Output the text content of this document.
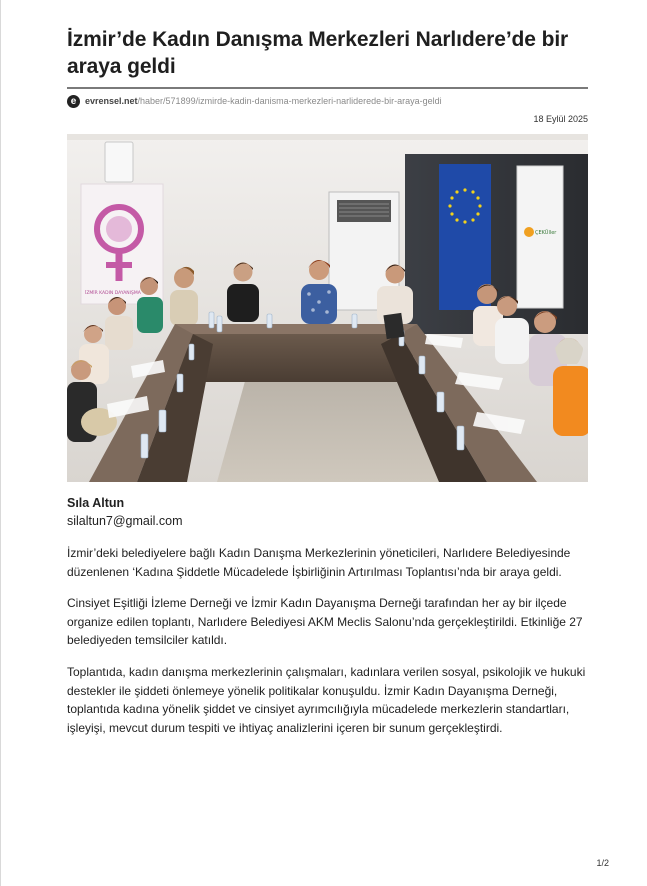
İzmir’de Kadın Danışma Merkezleri Narlıdere’de bir araya geldi
e evrensel.net /haber/571899/izmirde-kadin-danisma-merkezleri-narliderede-bir-araya-geldi
18 Eylül 2025
İZMİR KADIN DAYANIŞMA
ÇEKÜller
Sıla Altun
silaltun7@gmail.com

İzmir’deki belediyelere bağlı Kadın Danışma Merkezlerinin yöneticileri, Narlıdere Belediyesinde düzenlenen ‘Kadına Şiddetle Mücadelede İşbirliğinin Artırılması Toplantısı’nda bir araya geldi.

Cinsiyet Eşitliği İzleme Derneği ve İzmir Kadın Dayanışma Derneği tarafından her ay bir ilçede organize edilen toplantı, Narlıdere Belediyesi AKM Meclis Salonu’nda gerçekleştirildi. Etkinliğe 27 belediyeden temsilciler katıldı.

Toplantıda, kadın danışma merkezlerinin çalışmaları, kadınlara verilen sosyal, psikolojik ve hukuki destekler ile şiddeti önlemeye yönelik politikalar konuşuldu. İzmir Kadın Dayanışma Derneği, toplantıda kadına yönelik şiddet ve cinsiyet ayrımcılığıyla mücadelede merkezlerin standartları, işleyişi, mevcut durum tespiti ve ihtiyaç analizlerini içeren bir sunum gerçekleştirdi.

1/2
